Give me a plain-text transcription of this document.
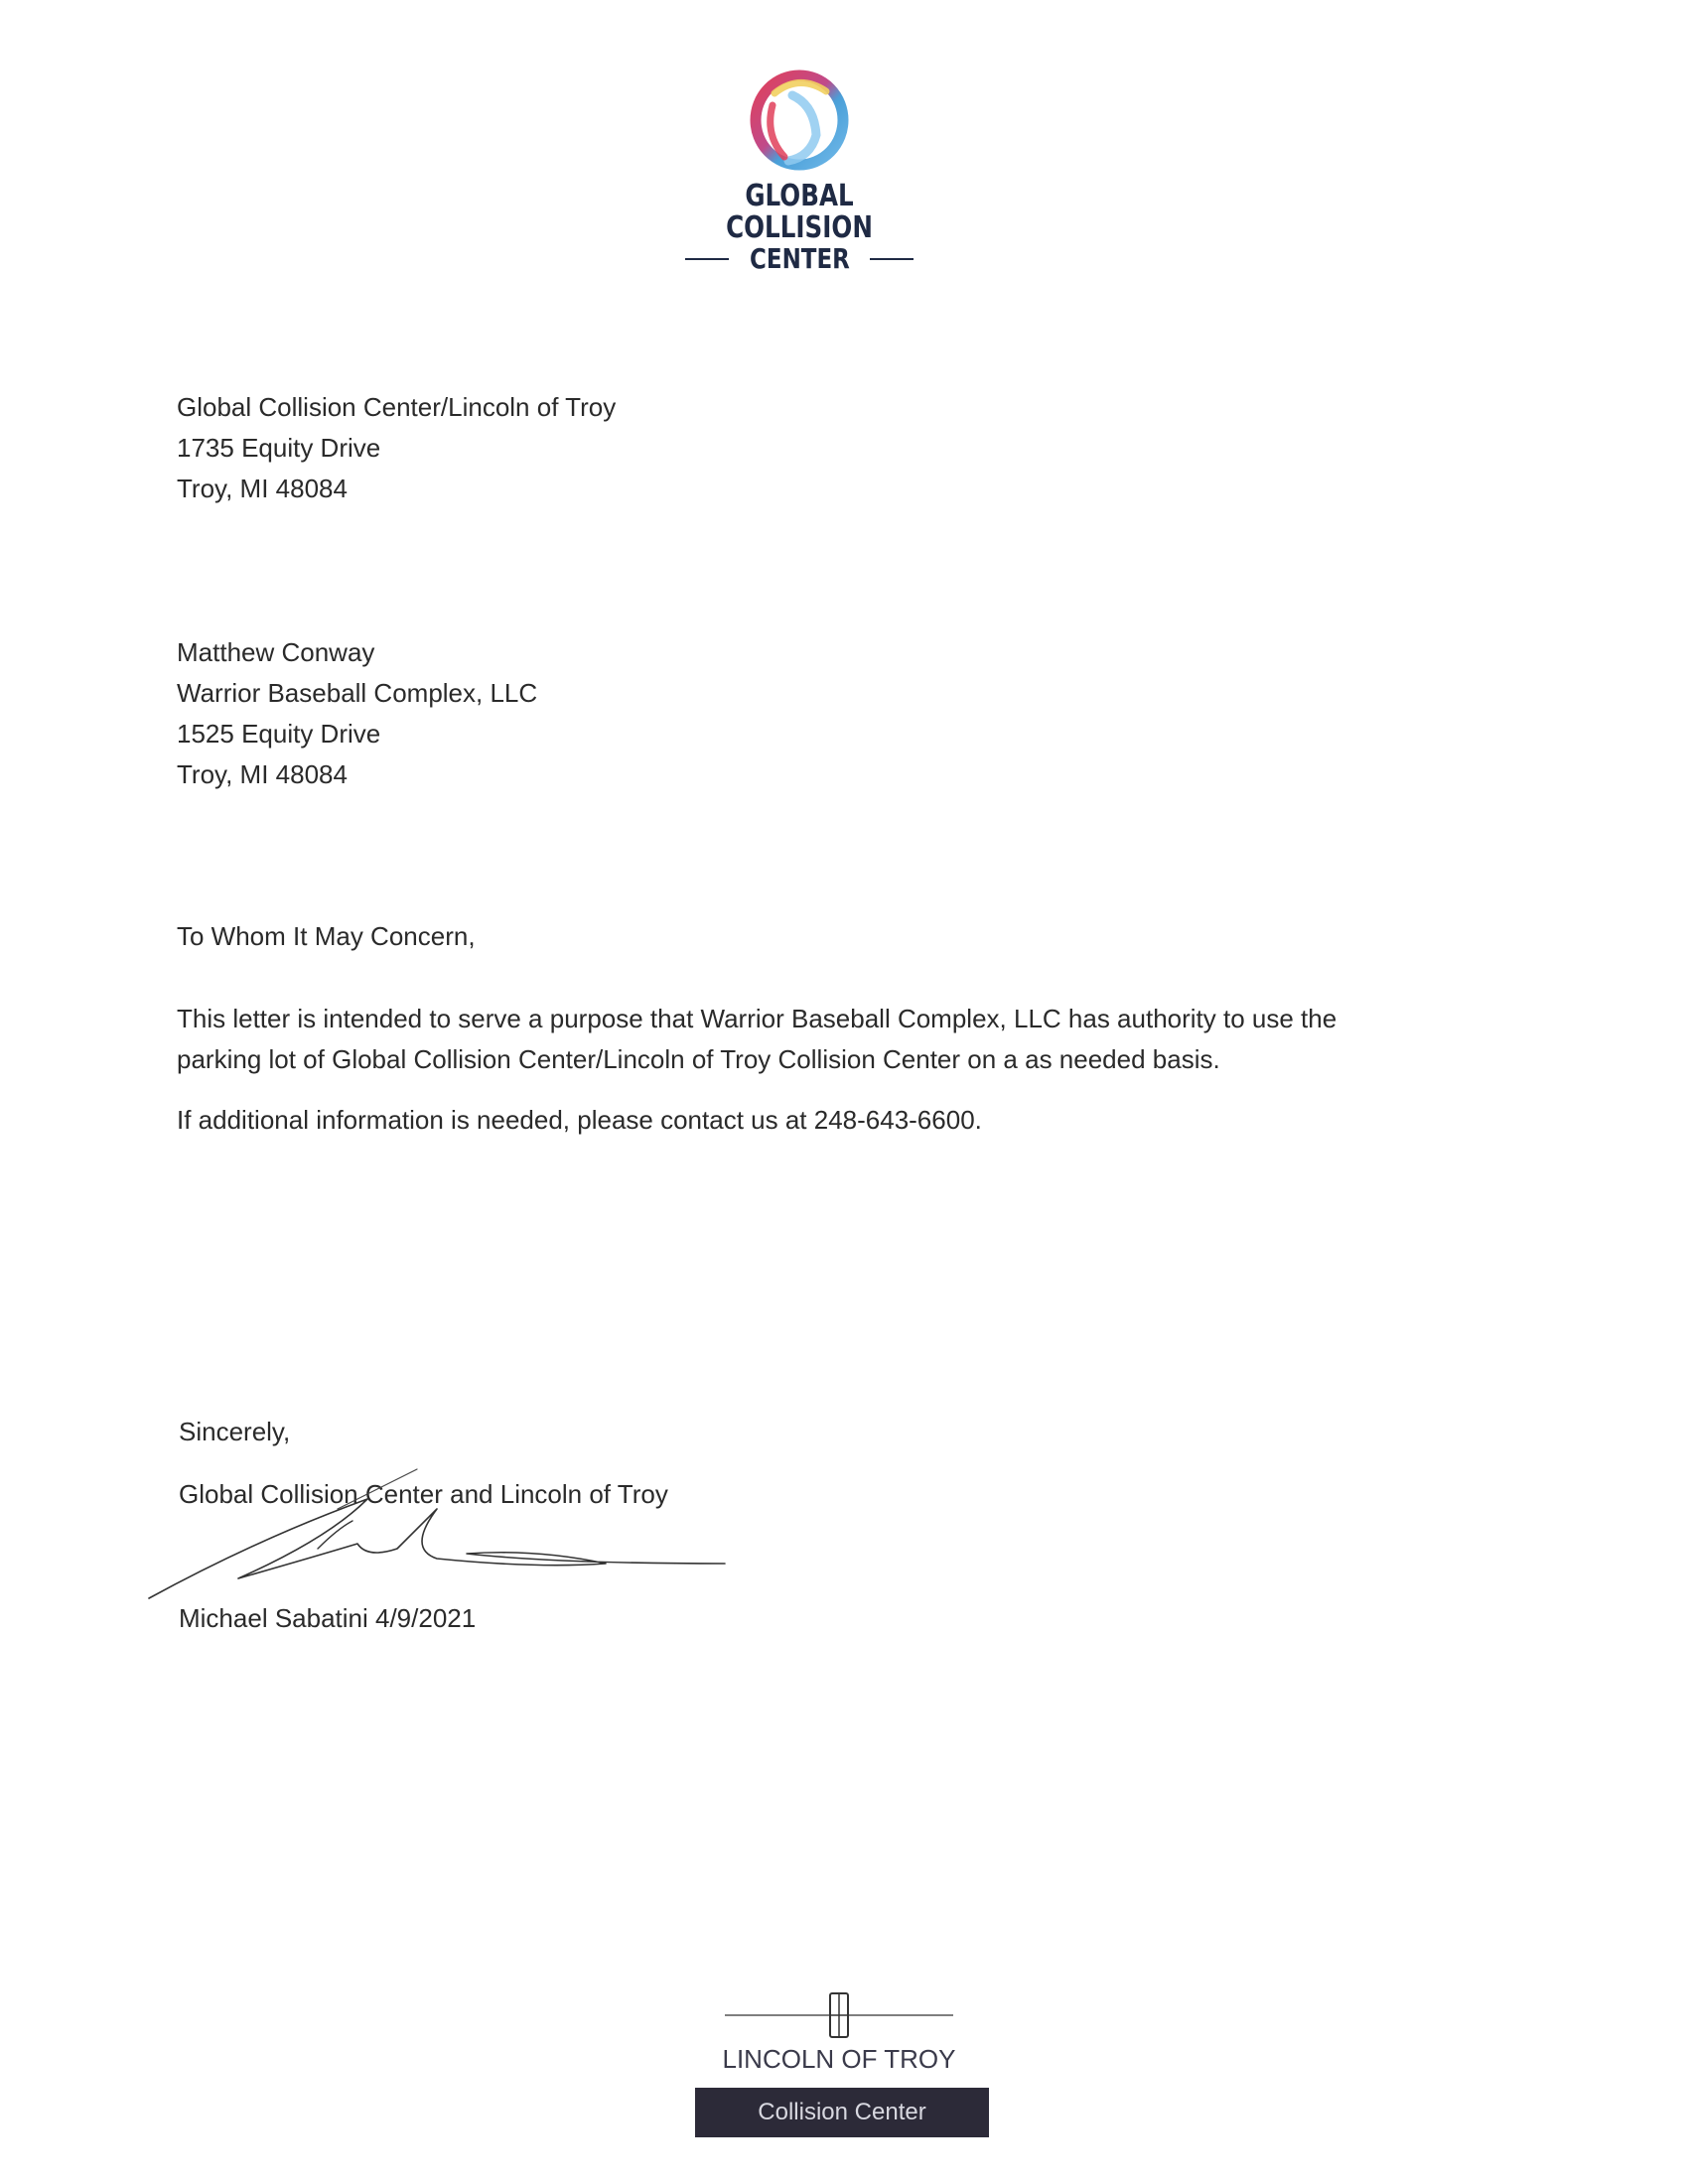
GLOBAL COLLISION
CENTER
Global Collision Center/Lincoln of Troy
1735 Equity Drive
Troy, MI 48084
Matthew Conway
Warrior Baseball Complex, LLC
1525 Equity Drive
Troy, MI 48084
To Whom It May Concern,
This letter is intended to serve a purpose that Warrior Baseball Complex, LLC has authority to use the
parking lot of Global Collision Center/Lincoln of Troy Collision Center on a as needed basis.
If additional information is needed, please contact us at 248-643-6600.
Sincerely,
Global Collision Center and Lincoln of Troy
Michael Sabatini 4/9/2021
LINCOLN OF TROY
Collision Center
